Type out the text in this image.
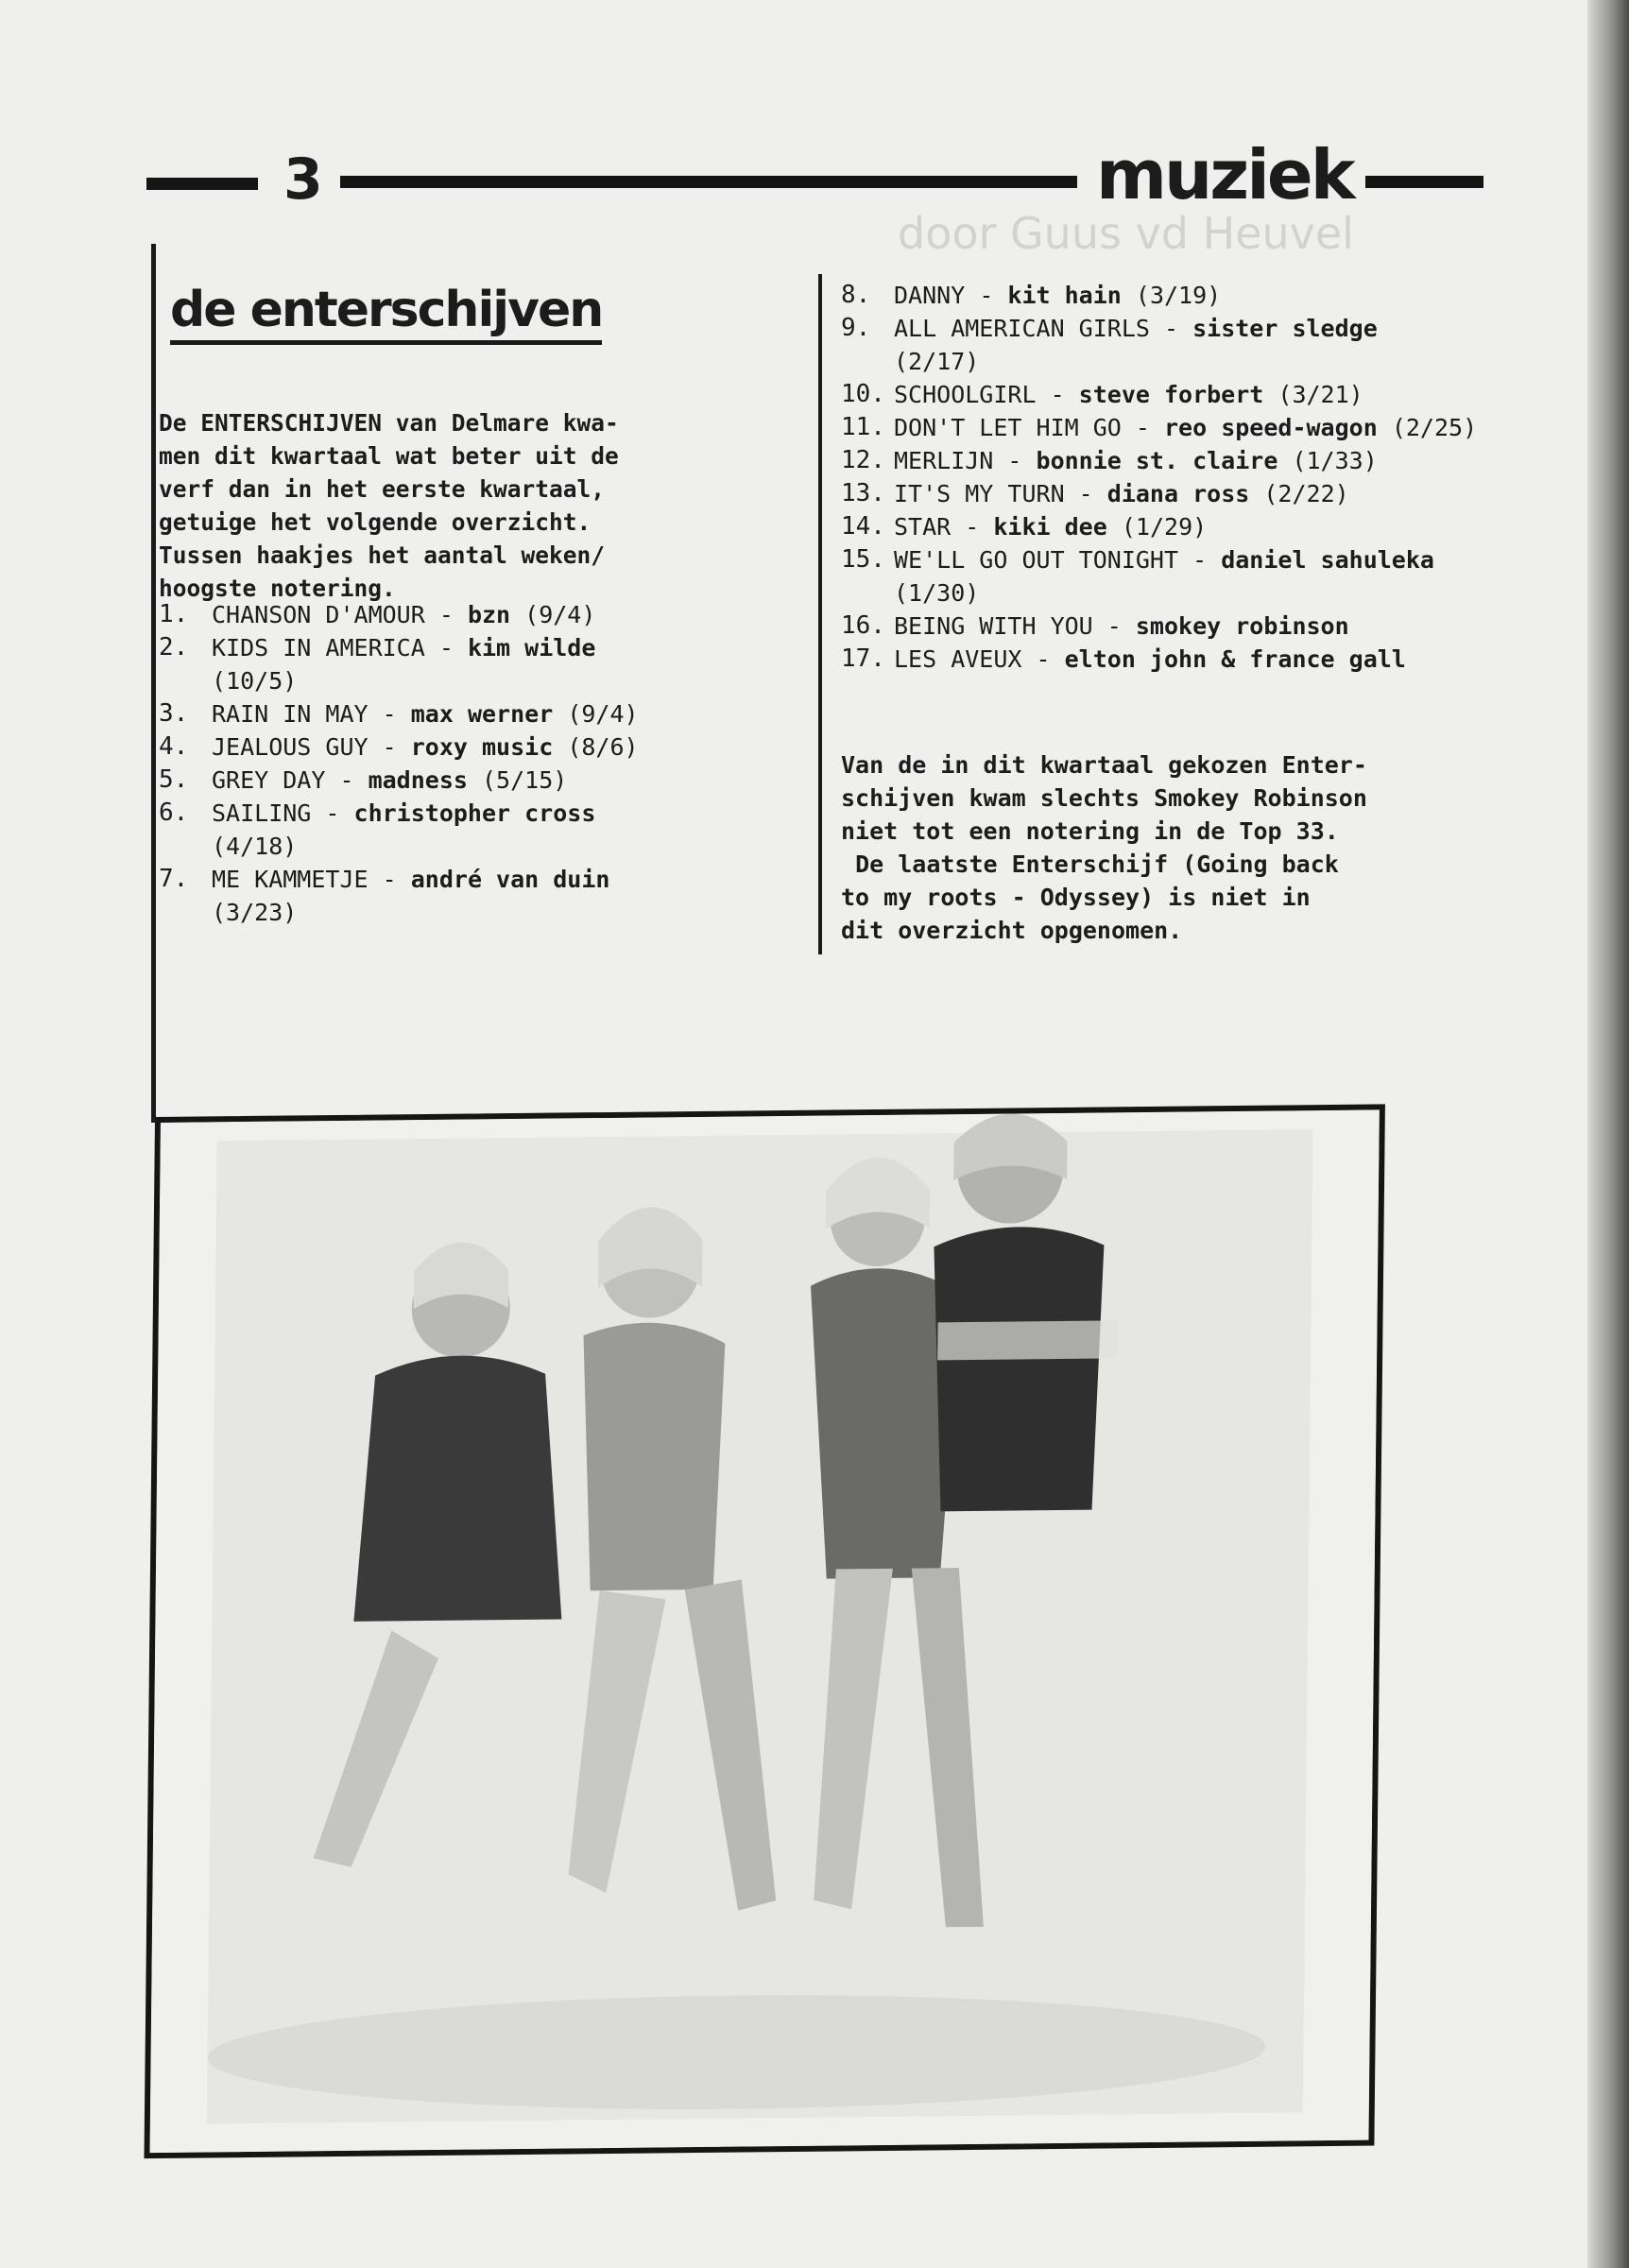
door Guus vd Heuvel
3	muziek
de enterschijven
De ENTERSCHIJVEN van Delmare kwa-
men dit kwartaal wat beter uit de
verf dan in het eerste kwartaal,
getuige het volgende overzicht.
Tussen haakjes het aantal weken/
hoogste notering.
1. CHANSON D'AMOUR - bzn (9/4)
2. KIDS IN AMERICA - kim wilde
(10/5)
3. RAIN IN MAY - max werner (9/4)
4. JEALOUS GUY - roxy music (8/6)
5. GREY DAY - madness (5/15)
6. SAILING - christopher cross
(4/18)
7. ME KAMMETJE - andré van duin
(3/23)
8. DANNY - kit hain (3/19)
9. ALL AMERICAN GIRLS - sister sledge
(2/17)
10. SCHOOLGIRL - steve forbert (3/21)
11. DON'T LET HIM GO - reo speed-wagon (2/25)
12. MERLIJN - bonnie st. claire (1/33)
13. IT'S MY TURN - diana ross (2/22)
14. STAR - kiki dee (1/29)
15. WE'LL GO OUT TONIGHT - daniel sahuleka (1/30)
16. BEING WITH YOU - smokey robinson
17. LES AVEUX - elton john & france gall
Van de in dit kwartaal gekozen Enter-
schijven kwam slechts Smokey Robinson
niet tot een notering in de Top 33.
De laatste Enterschijf (Going back
to my roots - Odyssey) is niet in
dit overzicht opgenomen.
